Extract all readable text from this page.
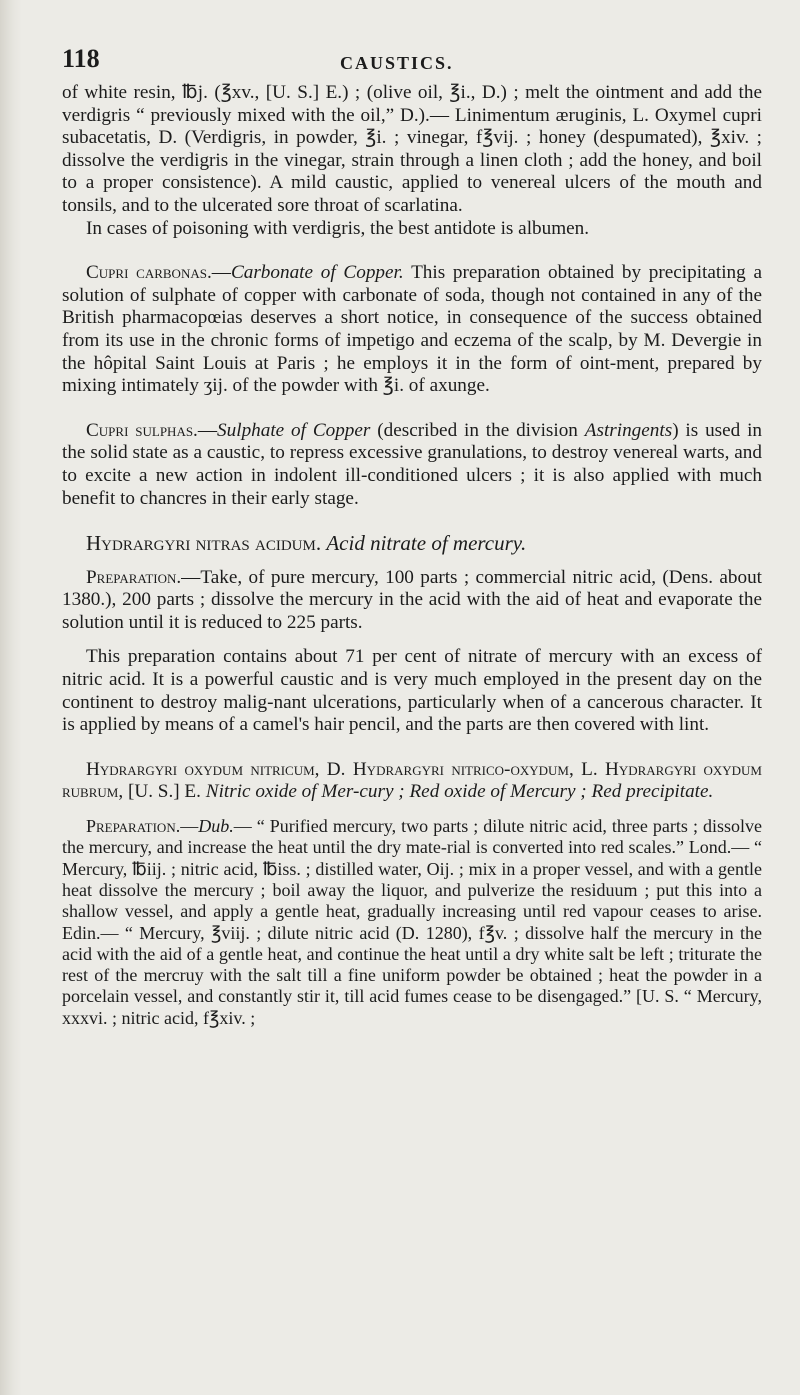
118	CAUSTICS.

of white resin, ℔j. (℥xv., [U. S.] E.) ; (olive oil, ℥i., D.) ; melt the ointment and add the verdigris “ previously mixed with the oil,” D.).— Linimentum æruginis, L. Oxymel cupri subacetatis, D. (Verdigris, in powder, ℥i. ; vinegar, f℥vij. ; honey (despumated), ℥xiv. ; dissolve the verdigris in the vinegar, strain through a linen cloth ; add the honey, and boil to a proper consistence). A mild caustic, applied to venereal ulcers of the mouth and tonsils, and to the ulcerated sore throat of scarlatina.

In cases of poisoning with verdigris, the best antidote is albumen.

Cupri carbonas.—Carbonate of Copper. This preparation obtained by precipitating a solution of sulphate of copper with carbonate of soda, though not contained in any of the British pharmacopœias deserves a short notice, in consequence of the success obtained from its use in the chronic forms of impetigo and eczema of the scalp, by M. Devergie in the hôpital Saint Louis at Paris ; he employs it in the form of oint-ment, prepared by mixing intimately ʒij. of the powder with ℥i. of axunge.

Cupri sulphas.—Sulphate of Copper (described in the division Astringents) is used in the solid state as a caustic, to repress excessive granulations, to destroy venereal warts, and to excite a new action in indolent ill-conditioned ulcers ; it is also applied with much benefit to chancres in their early stage.

Hydrargyri nitras acidum. Acid nitrate of mercury.

Preparation.—Take, of pure mercury, 100 parts ; commercial nitric acid, (Dens. about 1380.), 200 parts ; dissolve the mercury in the acid with the aid of heat and evaporate the solution until it is reduced to 225 parts.

This preparation contains about 71 per cent of nitrate of mercury with an excess of nitric acid. It is a powerful caustic and is very much employed in the present day on the continent to destroy malig-nant ulcerations, particularly when of a cancerous character. It is applied by means of a camel's hair pencil, and the parts are then covered with lint.

Hydrargyri oxydum nitricum, D. Hydrargyri nitrico-oxydum, L. Hydrargyri oxydum rubrum, [U. S.] E. Nitric oxide of Mer-cury ; Red oxide of Mercury ; Red precipitate.

Preparation.—Dub.— “ Purified mercury, two parts ; dilute nitric acid, three parts ; dissolve the mercury, and increase the heat until the dry mate-rial is converted into red scales.” Lond.— “ Mercury, ℔iij. ; nitric acid, ℔iss. ; distilled water, Oij. ; mix in a proper vessel, and with a gentle heat dissolve the mercury ; boil away the liquor, and pulverize the residuum ; put this into a shallow vessel, and apply a gentle heat, gradually increasing until red vapour ceases to arise. Edin.— “ Mercury, ℥viij. ; dilute nitric acid (D. 1280), f℥v. ; dissolve half the mercury in the acid with the aid of a gentle heat, and continue the heat until a dry white salt be left ; triturate the rest of the mercruy with the salt till a fine uniform powder be obtained ; heat the powder in a porcelain vessel, and constantly stir it, till acid fumes cease to be disengaged.” [U. S. “ Mercury, xxxvi. ; nitric acid, f℥xiv. ;
